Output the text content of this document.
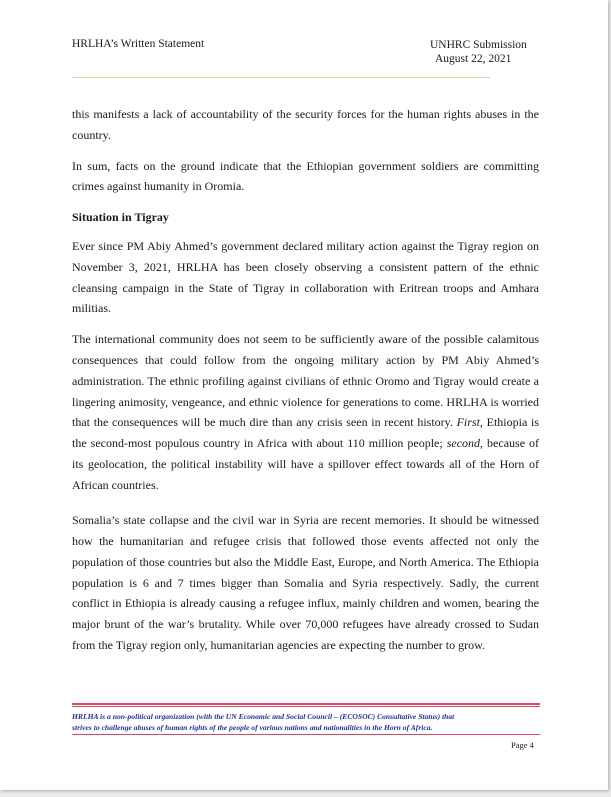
HRLHA’s Written Statement	UNHRC Submission

August 22, 2021

this manifests a lack of accountability of the security forces for the human rights abuses in the country.

In sum, facts on the ground indicate that the Ethiopian government soldiers are committing crimes against humanity in Oromia.

Situation in Tigray

Ever since PM Abiy Ahmed’s government declared military action against the Tigray region on November 3, 2021, HRLHA has been closely observing a consistent pattern of the ethnic cleansing campaign in the State of Tigray in collaboration with Eritrean troops and Amhara militias.

The international community does not seem to be sufficiently aware of the possible calamitous consequences that could follow from the ongoing military action by PM Abiy Ahmed’s administration. The ethnic profiling against civilians of ethnic Oromo and Tigray would create a lingering animosity, vengeance, and ethnic violence for generations to come. HRLHA is worried that the consequences will be much dire than any crisis seen in recent history. First, Ethiopia is the second-most populous country in Africa with about 110 million people; second, because of its geolocation, the political instability will have a spillover effect towards all of the Horn of African countries.

Somalia’s state collapse and the civil war in Syria are recent memories. It should be witnessed how the humanitarian and refugee crisis that followed those events affected not only the population of those countries but also the Middle East, Europe, and North America. The Ethiopia population is 6 and 7 times bigger than Somalia and Syria respectively. Sadly, the current conflict in Ethiopia is already causing a refugee influx, mainly children and women, bearing the major brunt of the war’s brutality. While over 70,000 refugees have already crossed to Sudan from the Tigray region only, humanitarian agencies are expecting the number to grow.

HRLHA is a non-political organization (with the UN Economic and Social Council – (ECOSOC) Consultative Status) that
strives to challenge abuses of human rights of the people of various nations and nationalities in the Horn of Africa.
Page 4
